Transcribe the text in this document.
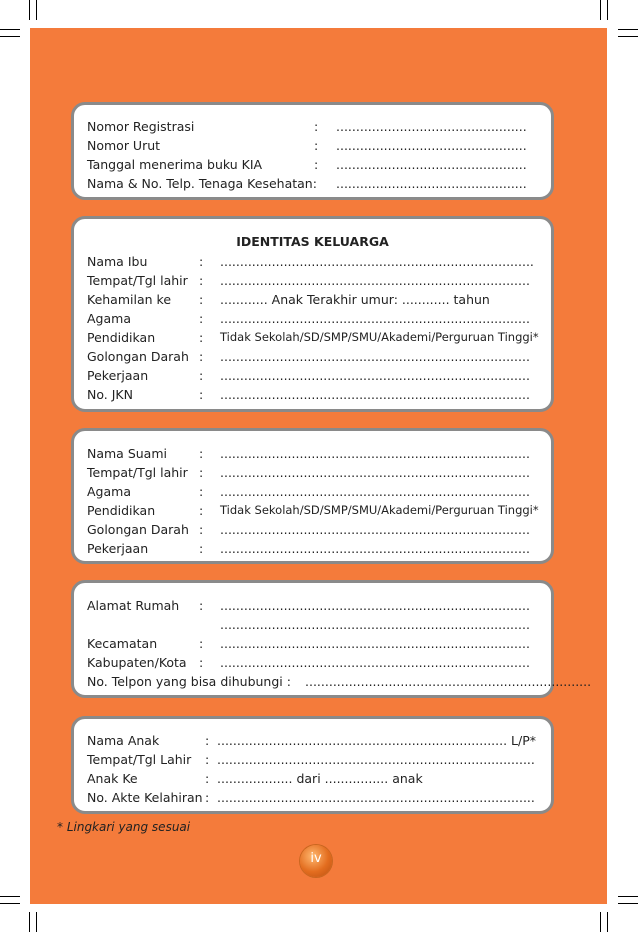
Nomor Registrasi	: ................................................
Nomor Urut	: ................................................
Tanggal menerima buku KIA	: ................................................
Nama & No. Telp. Tenaga Kesehatan: ................................................
IDENTITAS KELUARGA
Nama Ibu	: ...............................................................................
Tempat/Tgl lahir : ..............................................................................
Kehamilan ke : ............ Anak Terakhir umur: ............ tahun
Agama	: ..............................................................................
Pendidikan	: Tidak Sekolah/SD/SMP/SMU/Akademi/Perguruan Tinggi*
Golongan Darah : ..............................................................................
Pekerjaan	: ..............................................................................
No. JKN	: ..............................................................................
Nama Suami	: ..............................................................................
Tempat/Tgl lahir : ..............................................................................
Agama	: ..............................................................................
Pendidikan	: Tidak Sekolah/SD/SMP/SMU/Akademi/Perguruan Tinggi*
Golongan Darah : ..............................................................................
Pekerjaan	: ..............................................................................
Alamat Rumah : ..............................................................................
..............................................................................
Kecamatan	: ..............................................................................
Kabupaten/Kota : ..............................................................................
No. Telpon yang bisa dihubungi : ........................................................................
Nama Anak	: ......................................................................... L/P*
Tempat/Tgl Lahir : ................................................................................
Anak Ke	: ................... dari ................ anak
No. Akte Kelahiran : ................................................................................
* Lingkari yang sesuai
iv
